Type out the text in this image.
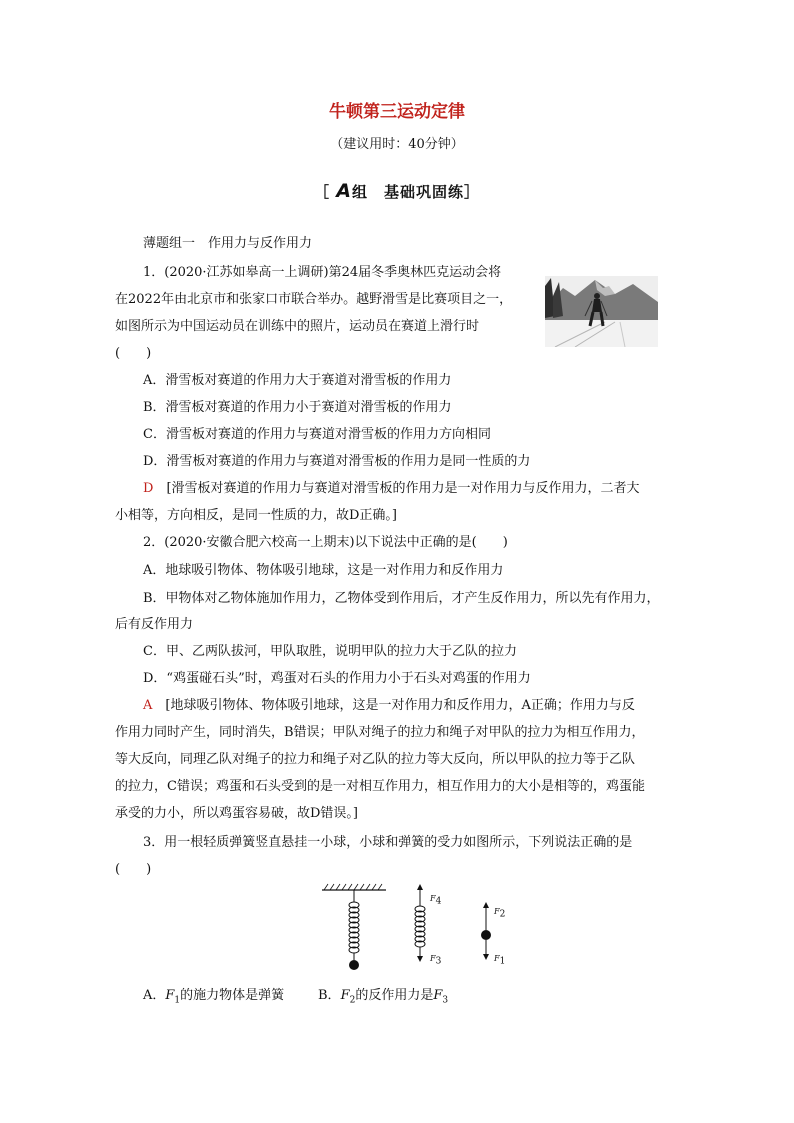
牛顿第三运动定律
（建议用时：40分钟）
［ A组　基础巩固练］
薄题组一　作用力与反作用力
1．(2020·江苏如皋高一上调研)第24届冬季奥林匹克运动会将
在2022年由北京市和张家口市联合举办。越野滑雪是比赛项目之一，
如图所示为中国运动员在训练中的照片，运动员在赛道上滑行时
(　　)
A．滑雪板对赛道的作用力大于赛道对滑雪板的作用力
B．滑雪板对赛道的作用力小于赛道对滑雪板的作用力
C．滑雪板对赛道的作用力与赛道对滑雪板的作用力方向相同
D．滑雪板对赛道的作用力与赛道对滑雪板的作用力是同一性质的力
D　 [滑雪板对赛道的作用力与赛道对滑雪板的作用力是一对作用力与反作用力，二者大
小相等，方向相反，是同一性质的力，故D正确。]
2．(2020·安徽合肥六校高一上期末)以下说法中正确的是(　　)
A．地球吸引物体、物体吸引地球，这是一对作用力和反作用力
B．甲物体对乙物体施加作用力，乙物体受到作用后，才产生反作用力，所以先有作用力，
后有反作用力
C．甲、乙两队拔河，甲队取胜，说明甲队的拉力大于乙队的拉力
D．“鸡蛋碰石头”时，鸡蛋对石头的作用力小于石头对鸡蛋的作用力
A　 [地球吸引物体、物体吸引地球，这是一对作用力和反作用力，A正确；作用力与反
作用力同时产生，同时消失，B错误；甲队对绳子的拉力和绳子对甲队的拉力为相互作用力，
等大反向，同理乙队对绳子的拉力和绳子对乙队的拉力等大反向，所以甲队的拉力等于乙队
的拉力，C错误；鸡蛋和石头受到的是一对相互作用力，相互作用力的大小是相等的，鸡蛋能
承受的力小，所以鸡蛋容易破，故D错误。]
3．用一根轻质弹簧竖直悬挂一小球，小球和弹簧的受力如图所示，下列说法正确的是
(　　)
$F_4$
$F_3$
$F_2$
$F_1$
A．$F_1$的施力物体是弹簧	B．$F_2$的反作用力是$F_3$
